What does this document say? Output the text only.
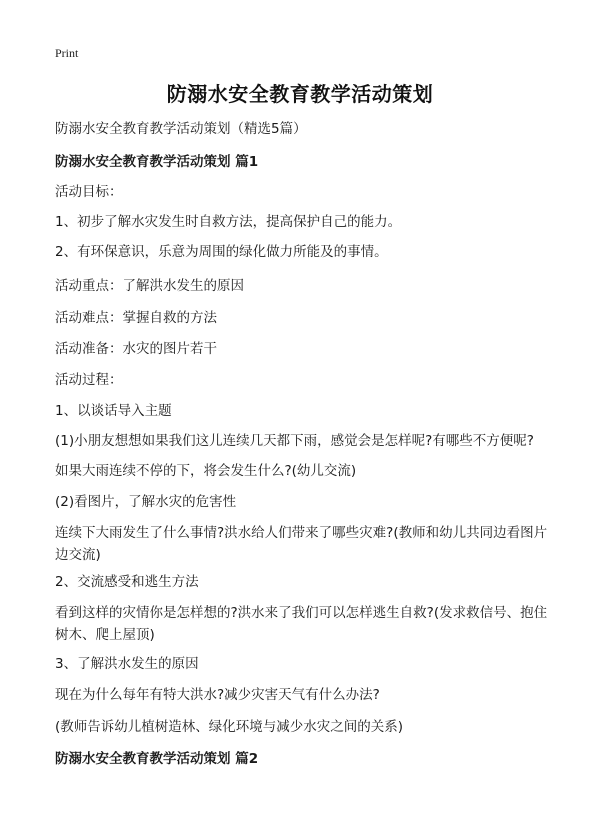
Print
防溺水安全教育教学活动策划
防溺水安全教育教学活动策划（精选5篇）
防溺水安全教育教学活动策划 篇1
活动目标：
1、初步了解水灾发生时自救方法，提高保护自己的能力。
2、有环保意识，乐意为周围的绿化做力所能及的事情。
活动重点：了解洪水发生的原因
活动难点：掌握自救的方法
活动准备：水灾的图片若干
活动过程：
1、以谈话导入主题
(1)小朋友想想如果我们这儿连续几天都下雨，感觉会是怎样呢?有哪些不方便呢?
如果大雨连续不停的下，将会发生什么?(幼儿交流)
(2)看图片，了解水灾的危害性
连续下大雨发生了什么事情?洪水给人们带来了哪些灾难?(教师和幼儿共同边看图片边交流)
2、交流感受和逃生方法
看到这样的灾情你是怎样想的?洪水来了我们可以怎样逃生自救?(发求救信号、抱住树木、爬上屋顶)
3、了解洪水发生的原因
现在为什么每年有特大洪水?减少灾害天气有什么办法?
(教师告诉幼儿植树造林、绿化环境与减少水灾之间的关系)
防溺水安全教育教学活动策划 篇2
